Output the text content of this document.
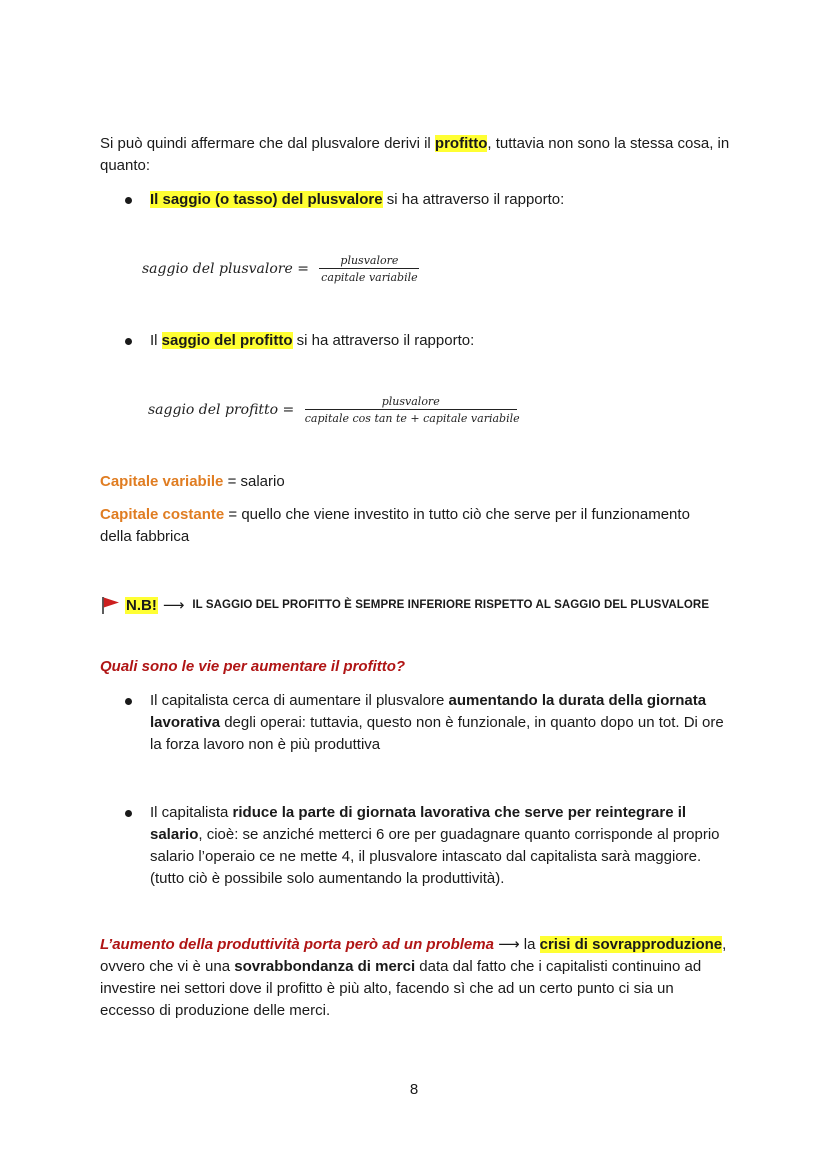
Si può quindi affermare che dal plusvalore derivi il profitto, tuttavia non sono la stessa cosa, in quanto:

Il saggio (o tasso) del plusvalore si ha attraverso il rapporto:

saggio del plusvalore = $\frac{\text{plusvalore}}{\text{capitale variabile}}$

Il saggio del profitto si ha attraverso il rapporto:

saggio del profitto = $\frac{\text{plusvalore}}{\text{capitale cos tan te + capitale variabile}}$

Capitale variabile = salario

Capitale costante = quello che viene investito in tutto ciò che serve per il funzionamento della fabbrica

N.B! ⟶ IL SAGGIO DEL PROFITTO È SEMPRE INFERIORE RISPETTO AL SAGGIO DEL PLUSVALORE

Quali sono le vie per aumentare il profitto?

Il capitalista cerca di aumentare il plusvalore aumentando la durata della giornata lavorativa degli operai: tuttavia, questo non è funzionale, in quanto dopo un tot. Di ore la forza lavoro non è più produttiva

Il capitalista riduce la parte di giornata lavorativa che serve per reintegrare il salario, cioè: se anziché metterci 6 ore per guadagnare quanto corrisponde al proprio salario l’operaio ce ne mette 4, il plusvalore intascato dal capitalista sarà maggiore. (tutto ciò è possibile solo aumentando la produttività).

L’aumento della produttività porta però ad un problema ⟶ la crisi di sovrapproduzione, ovvero che vi è una sovrabbondanza di merci data dal fatto che i capitalisti continuino ad investire nei settori dove il profitto è più alto, facendo sì che ad un certo punto ci sia un eccesso di produzione delle merci.

8
